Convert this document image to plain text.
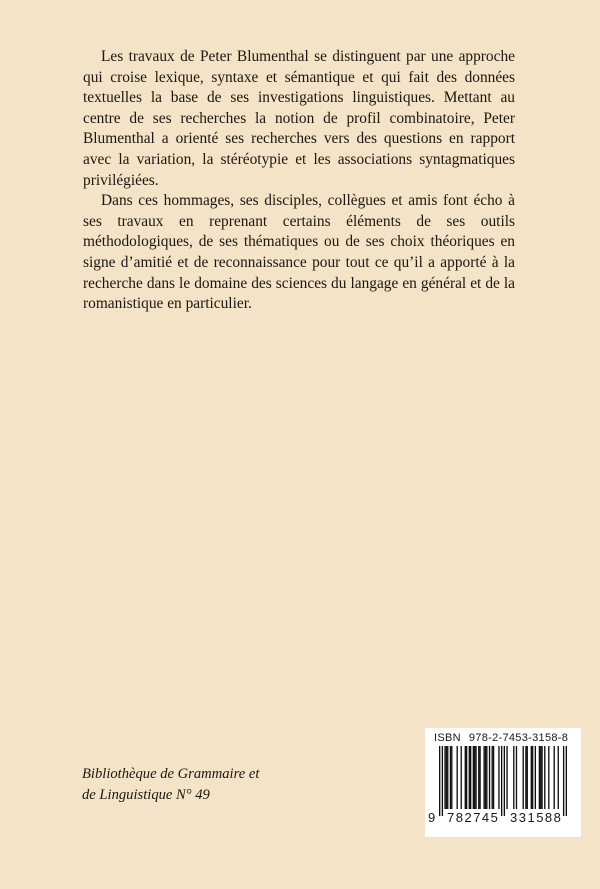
Les travaux de Peter Blumenthal se distinguent par une approche qui croise lexique, syntaxe et sémantique et qui fait des données textuelles la base de ses investigations linguistiques. Mettant au centre de ses recherches la notion de profil combinatoire, Peter Blumenthal a orienté ses recherches vers des questions en rapport avec la variation, la stéréotypie et les associations syntagmatiques privilégiées.

Dans ces hommages, ses disciples, collègues et amis font écho à ses travaux en reprenant certains éléments de ses outils méthodologiques, de ses thématiques ou de ses choix théoriques en signe d’amitié et de reconnaissance pour tout ce qu’il a apporté à la recherche dans le domaine des sciences du langage en général et de la romanistique en particulier.

Bibliothèque de Grammaire et
de Linguistique N° 49
ISBN 978-2-7453-3158-8
9 782745 331588
